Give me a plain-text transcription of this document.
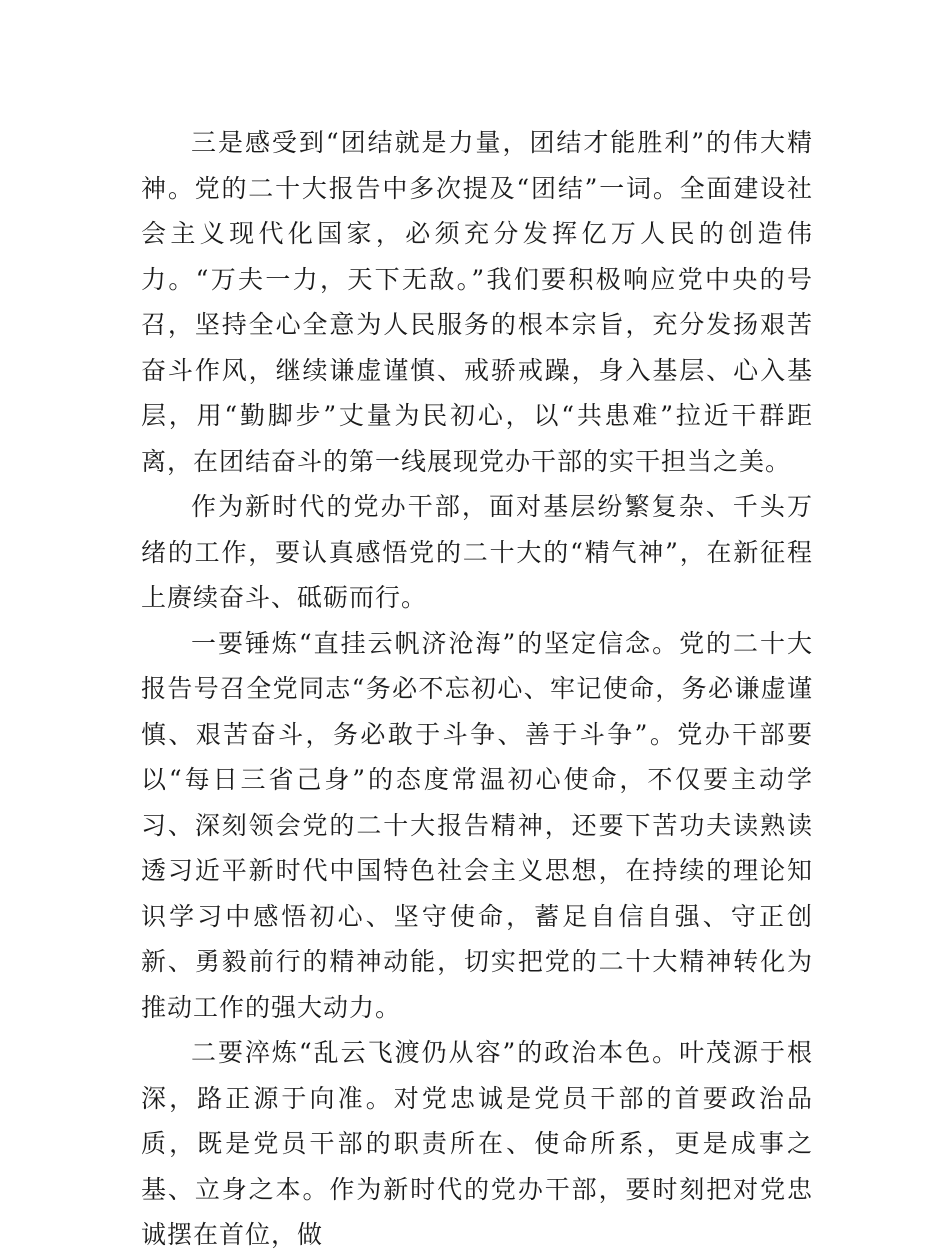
三是感受到“团结就是力量，团结才能胜利”的伟大精神。党的二十大报告中多次提及“团结”一词。全面建设社会主义现代化国家，必须充分发挥亿万人民的创造伟力。“万夫一力，天下无敌。”我们要积极响应党中央的号召，坚持全心全意为人民服务的根本宗旨，充分发扬艰苦奋斗作风，继续谦虚谨慎、戒骄戒躁，身入基层、心入基层，用“勤脚步”丈量为民初心，以“共患难”拉近干群距离，在团结奋斗的第一线展现党办干部的实干担当之美。

作为新时代的党办干部，面对基层纷繁复杂、千头万绪的工作，要认真感悟党的二十大的“精气神”，在新征程上赓续奋斗、砥砺而行。

一要锤炼“直挂云帆济沧海”的坚定信念。党的二十大报告号召全党同志“务必不忘初心、牢记使命，务必谦虚谨慎、艰苦奋斗，务必敢于斗争、善于斗争”。党办干部要以“每日三省己身”的态度常温初心使命，不仅要主动学习、深刻领会党的二十大报告精神，还要下苦功夫读熟读透习近平新时代中国特色社会主义思想，在持续的理论知识学习中感悟初心、坚守使命，蓄足自信自强、守正创新、勇毅前行的精神动能，切实把党的二十大精神转化为推动工作的强大动力。

二要淬炼“乱云飞渡仍从容”的政治本色。叶茂源于根深，路正源于向准。对党忠诚是党员干部的首要政治品质，既是党员干部的职责所在、使命所系，更是成事之基、立身之本。作为新时代的党办干部，要时刻把对党忠诚摆在首位，做
